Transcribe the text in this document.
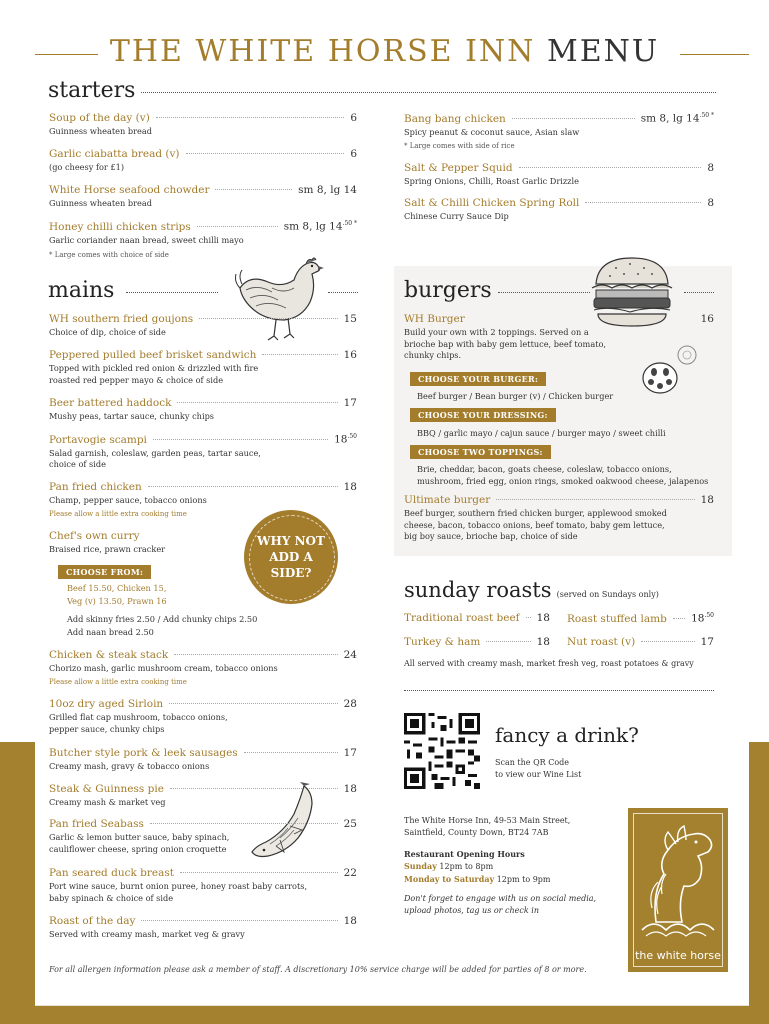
THE WHITE HORSE INN MENU
starters
Soup of the day (v)	6
Guinness wheaten bread
Garlic ciabatta bread (v)	6
(go cheesy for £1)
White Horse seafood chowder	sm 8, lg 14
Guinness wheaten bread
Honey chilli chicken strips	sm 8, $\lg 14^{.50 *}$
Garlic coriander naan bread, sweet chilli mayo
* Large comes with choice of side
Bang bang chicken	sm 8, $\lg 14^{.50 *}$
Spicy peanut & coconut sauce, Asian slaw
* Large comes with side of rice
Salt & Pepper Squid	8
Spring Onions, Chilli, Roast Garlic Drizzle
Salt & Chilli Chicken Spring Roll	8
Chinese Curry Sauce Dip
mains
WH southern fried goujons	15
Choice of dip, choice of side
Peppered pulled beef brisket sandwich	16
Topped with pickled red onion & drizzled with fire roasted red pepper mayo & choice of side
Beer battered haddock	17
Mushy peas, tartar sauce, chunky chips
Portavogie scampi	$18^{.50}$
Salad garnish, coleslaw, garden peas, tartar sauce, choice of side
Pan fried chicken	18
Champ, pepper sauce, tobacco onions
Please allow a little extra cooking time
Chef's own curry
Braised rice, prawn cracker
WHY NOT ADD A SIDE?
CHOOSE FROM:
Beef 15.50, Chicken 15,
Veg (v) 13.50, Prawn 16
Add skinny fries 2.50 / Add chunky chips 2.50
Add naan bread 2.50
Chicken & steak stack	24
Chorizo mash, garlic mushroom cream, tobacco onions
Please allow a little extra cooking time
10oz dry aged Sirloin	28
Grilled flat cap mushroom, tobacco onions, pepper sauce, chunky chips
Butcher style pork & leek sausages	17
Creamy mash, gravy & tobacco onions
Steak & Guinness pie	18
Creamy mash & market veg
Pan fried Seabass	25
Garlic & lemon butter sauce, baby spinach, cauliflower cheese, spring onion croquette
Pan seared duck breast	22
Port wine sauce, burnt onion puree, honey roast baby carrots, baby spinach & choice of side
Roast of the day	18
Served with creamy mash, market veg & gravy
burgers
WH Burger	16
Build your own with 2 toppings. Served on a brioche bap with baby gem lettuce, beef tomato, chunky chips.
CHOOSE YOUR BURGER:
Beef burger / Bean burger (v) / Chicken burger
CHOOSE YOUR DRESSING:
BBQ / garlic mayo / cajun sauce / burger mayo / sweet chilli
CHOOSE TWO TOPPINGS:
Brie, cheddar, bacon, goats cheese, coleslaw, tobacco onions, mushroom, fried egg, onion rings, smoked oakwood cheese, jalapenos
Ultimate burger	18
Beef burger, southern fried chicken burger, applewood smoked cheese, bacon, tobacco onions, beef tomato, baby gem lettuce, big boy sauce, brioche bap, choice of side
sunday roasts (served on Sundays only)
Traditional roast beef 18 Roast stuffed lamb $18^{.50}$
Turkey & ham	18 Nut roast (v)	17
All served with creamy mash, market fresh veg, roast potatoes & gravy
fancy a drink?
Scan the QR Code
to view our Wine List
The White Horse Inn, 49-53 Main Street,
Saintfield, County Down, BT24 7AB
Restaurant Opening Hours
Sunday 12pm to 8pm
Monday to Saturday 12pm to 9pm
Don't forget to engage with us on social media,
upload photos, tag us or check in
the white horse
For all allergen information please ask a member of staff. A discretionary 10% service charge will be added for parties of 8 or more.
